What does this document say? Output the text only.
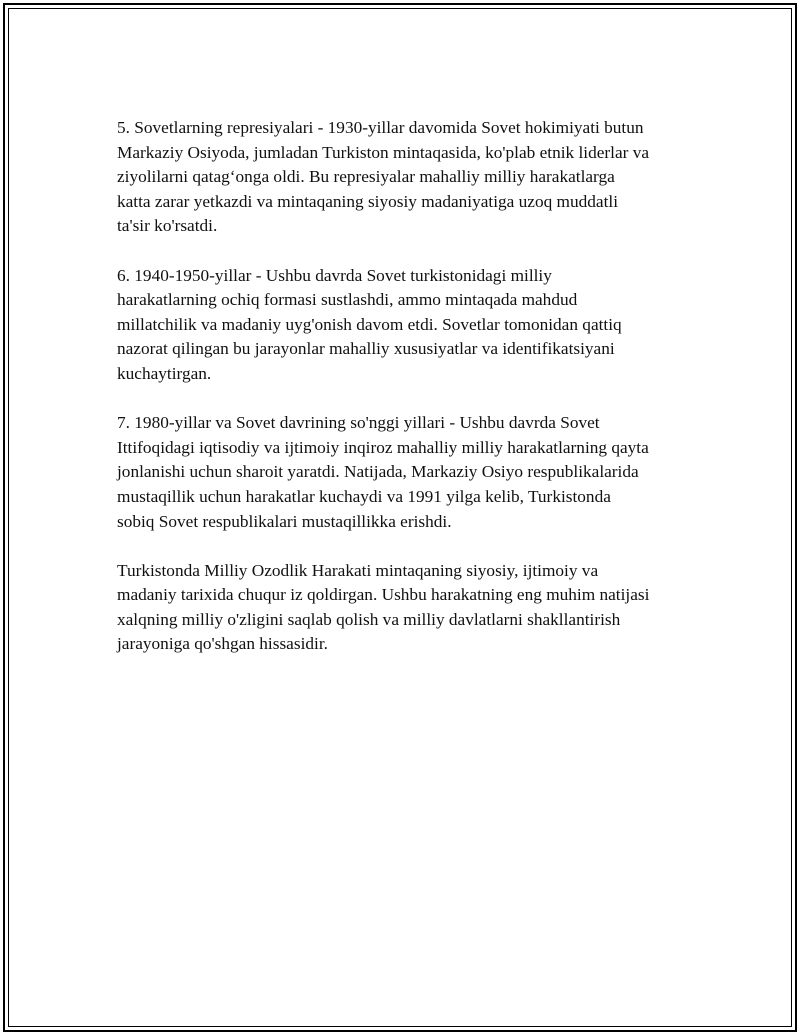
5. Sovetlarning represiyalari - 1930-yillar davomida Sovet hokimiyati butun
Markaziy Osiyoda, jumladan Turkiston mintaqasida, ko'plab etnik liderlar va
ziyolilarni qatag‘onga oldi. Bu represiyalar mahalliy milliy harakatlarga
katta zarar yetkazdi va mintaqaning siyosiy madaniyatiga uzoq muddatli
ta'sir ko'rsatdi.

6. 1940-1950-yillar - Ushbu davrda Sovet turkistonidagi milliy
harakatlarning ochiq formasi sustlashdi, ammo mintaqada mahdud
millatchilik va madaniy uyg'onish davom etdi. Sovetlar tomonidan qattiq
nazorat qilingan bu jarayonlar mahalliy xususiyatlar va identifikatsiyani
kuchaytirgan.

7. 1980-yillar va Sovet davrining so'nggi yillari - Ushbu davrda Sovet
Ittifoqidagi iqtisodiy va ijtimoiy inqiroz mahalliy milliy harakatlarning qayta
jonlanishi uchun sharoit yaratdi. Natijada, Markaziy Osiyo respublikalarida
mustaqillik uchun harakatlar kuchaydi va 1991 yilga kelib, Turkistonda
sobiq Sovet respublikalari mustaqillikka erishdi.

Turkistonda Milliy Ozodlik Harakati mintaqaning siyosiy, ijtimoiy va
madaniy tarixida chuqur iz qoldirgan. Ushbu harakatning eng muhim natijasi
xalqning milliy o'zligini saqlab qolish va milliy davlatlarni shakllantirish
jarayoniga qo'shgan hissasidir.
